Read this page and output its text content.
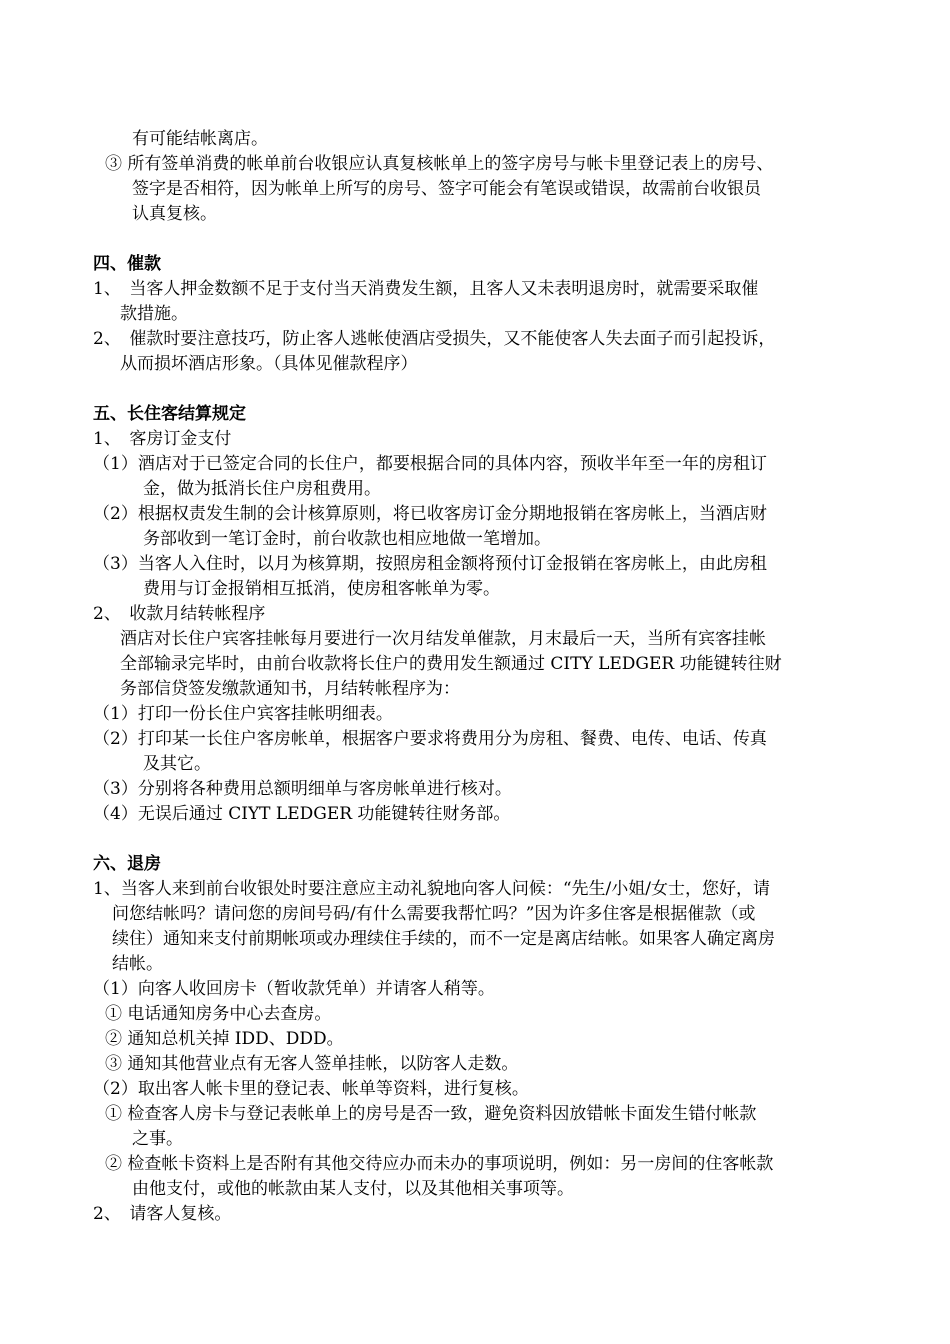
有可能结帐离店。
③ 所有签单消费的帐单前台收银应认真复核帐单上的签字房号与帐卡里登记表上的房号、
签字是否相符，因为帐单上所写的房号、签字可能会有笔误或错误，故需前台收银员
认真复核。
四、催款
1、　当客人押金数额不足于支付当天消费发生额，且客人又未表明退房时，就需要采取催
款措施。
2、　催款时要注意技巧，防止客人逃帐使酒店受损失，又不能使客人失去面子而引起投诉，
从而损坏酒店形象。（具体见催款程序）
五、长住客结算规定
1、　客房订金支付
（1）酒店对于已签定合同的长住户，都要根据合同的具体内容，预收半年至一年的房租订
金，做为抵消长住户房租费用。
（2）根据权责发生制的会计核算原则，将已收客房订金分期地报销在客房帐上，当酒店财
务部收到一笔订金时，前台收款也相应地做一笔增加。
（3）当客人入住时，以月为核算期，按照房租金额将预付订金报销在客房帐上，由此房租
费用与订金报销相互抵消，使房租客帐单为零。
2、　收款月结转帐程序
酒店对长住户宾客挂帐每月要进行一次月结发单催款，月末最后一天，当所有宾客挂帐
全部输录完毕时，由前台收款将长住户的费用发生额通过 CITY LEDGER 功能键转往财
务部信贷签发缴款通知书，月结转帐程序为：
（1）打印一份长住户宾客挂帐明细表。
（2）打印某一长住户客房帐单，根据客户要求将费用分为房租、餐费、电传、电话、传真
及其它。
（3）分别将各种费用总额明细单与客房帐单进行核对。
（4）无误后通过 CIYT LEDGER 功能键转往财务部。
六、退房
1、当客人来到前台收银处时要注意应主动礼貌地向客人问候：“先生/小姐/女士，您好，请
问您结帐吗？请问您的房间号码/有什么需要我帮忙吗？”因为许多住客是根据催款（或
续住）通知来支付前期帐项或办理续住手续的，而不一定是离店结帐。如果客人确定离房
结帐。
（1）向客人收回房卡（暂收款凭单）并请客人稍等。
① 电话通知房务中心去查房。
② 通知总机关掉 IDD、DDD。
③ 通知其他营业点有无客人签单挂帐，以防客人走数。
（2）取出客人帐卡里的登记表、帐单等资料，进行复核。
① 检查客人房卡与登记表帐单上的房号是否一致，避免资料因放错帐卡面发生错付帐款
之事。
② 检查帐卡资料上是否附有其他交待应办而未办的事项说明，例如：另一房间的住客帐款
由他支付，或他的帐款由某人支付，以及其他相关事项等。
2、　请客人复核。
